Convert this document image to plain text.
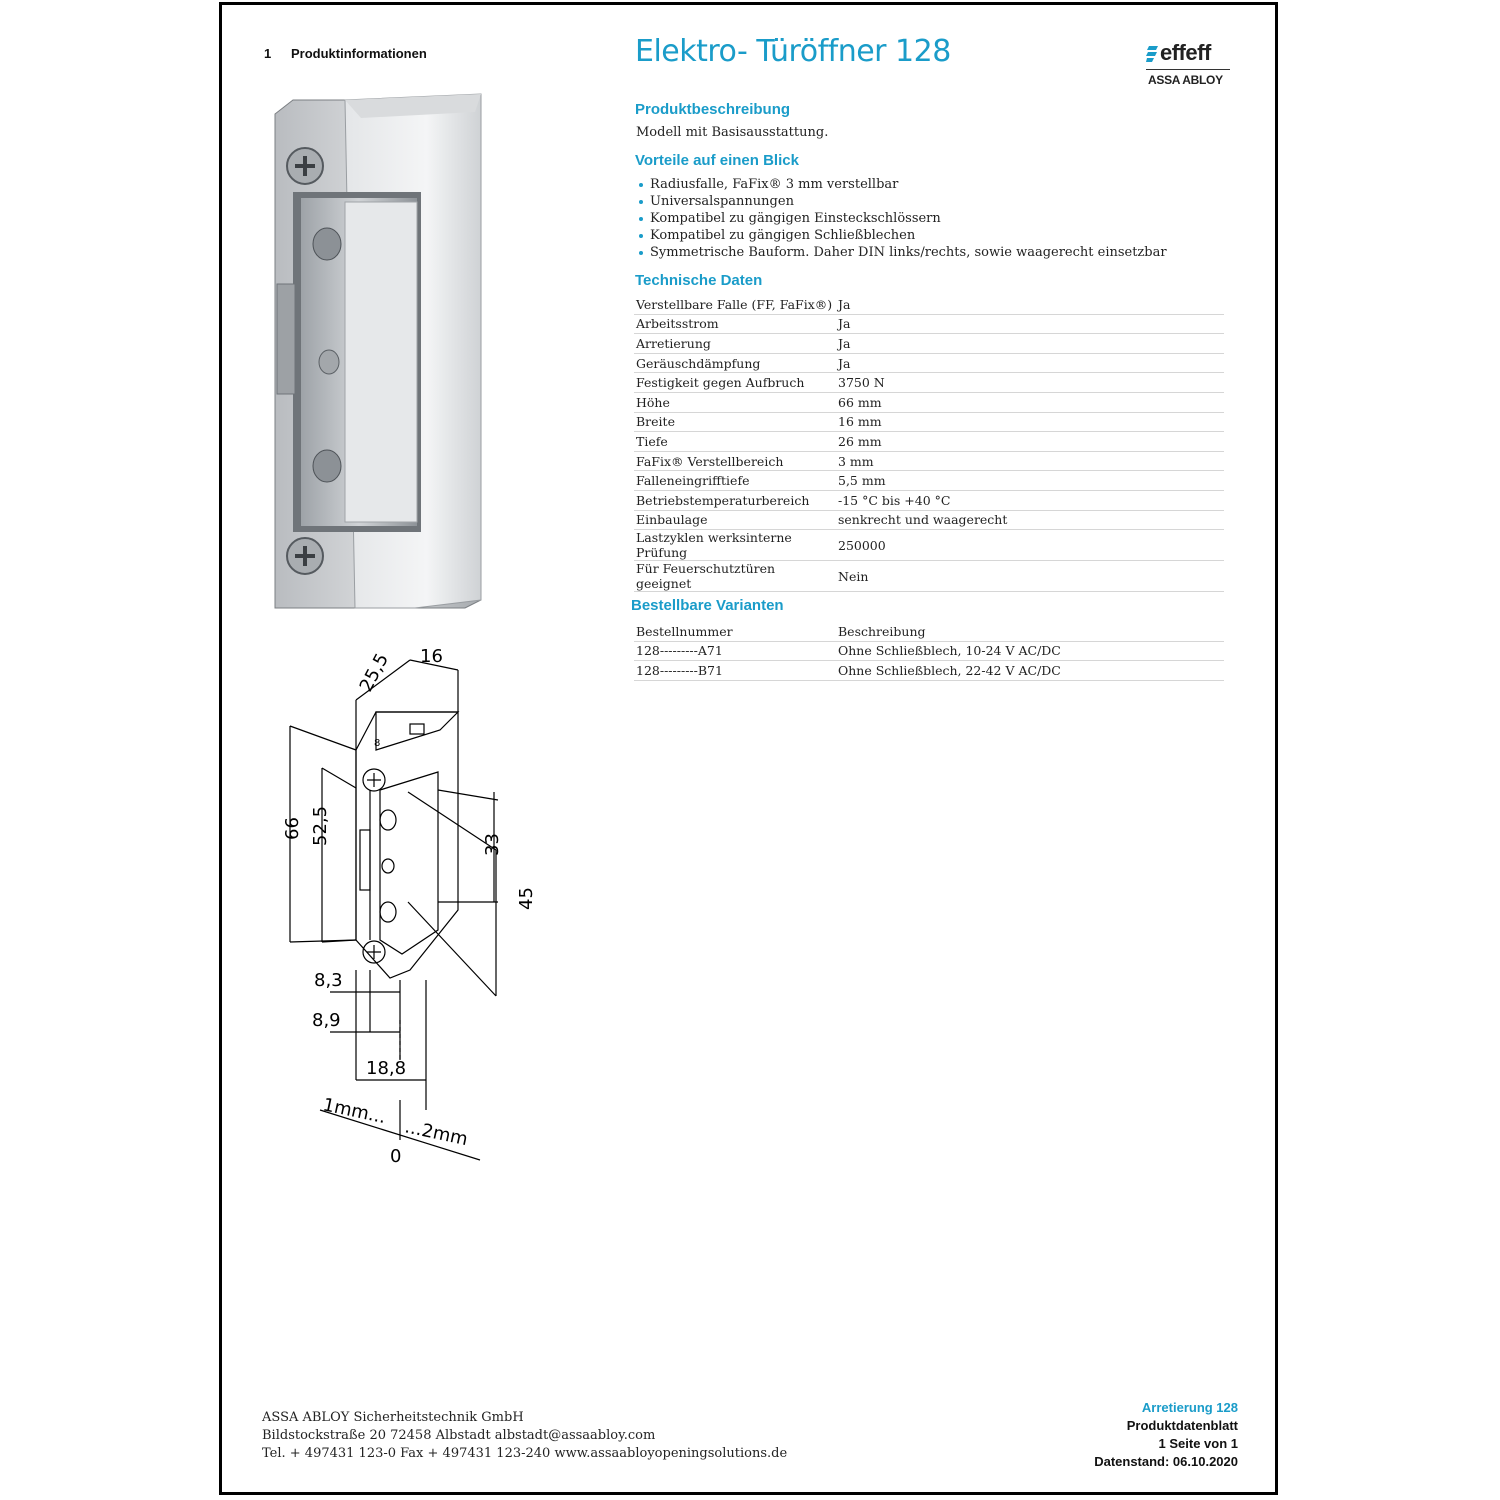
1 Produktinformationen	Elektro- Türöffner 128	effeff
ASSA ABLOY
25,5 16
66 52,5	33
45
8,3
8,9
18,8
1mm...
...2mm
0
8
Produktbeschreibung
Modell mit Basisausstattung.
Vorteile auf einen Blick
Radiusfalle, FaFix® 3 mm verstellbar
Universalspannungen
Kompatibel zu gängigen Einsteckschlössern
Kompatibel zu gängigen Schließblechen
Symmetrische Bauform. Daher DIN links/rechts, sowie waagerecht einsetzbar
Technische Daten
Verstellbare Falle (FF, FaFix®)	Ja
Arbeitsstrom	Ja
Arretierung	Ja
Geräuschdämpfung	Ja
Festigkeit gegen Aufbruch	3750 N
Höhe	66 mm
Breite	16 mm
Tiefe	26 mm
FaFix® Verstellbereich	3 mm
Falleneingrifftiefe	5,5 mm
Betriebstemperaturbereich	-15 °C bis +40 °C
Einbaulage	senkrecht und waagerecht
Lastzyklen werksinterne Prüfung	250000
Für Feuerschutztüren geeignet	Nein
Bestellbare Varianten
Bestellnummer	Beschreibung
128---------A71	Ohne Schließblech, 10-24 V AC/DC
128---------B71	Ohne Schließblech, 22-42 V AC/DC
ASSA ABLOY Sicherheitstechnik GmbH
Bildstockstraße 20 72458 Albstadt albstadt@assaabloy.com
Tel. + 497431 123-0 Fax + 497431 123-240 www.assaabloyopeningsolutions.de
Arretierung 128
Produktdatenblatt
1 Seite von 1
Datenstand: 06.10.2020
